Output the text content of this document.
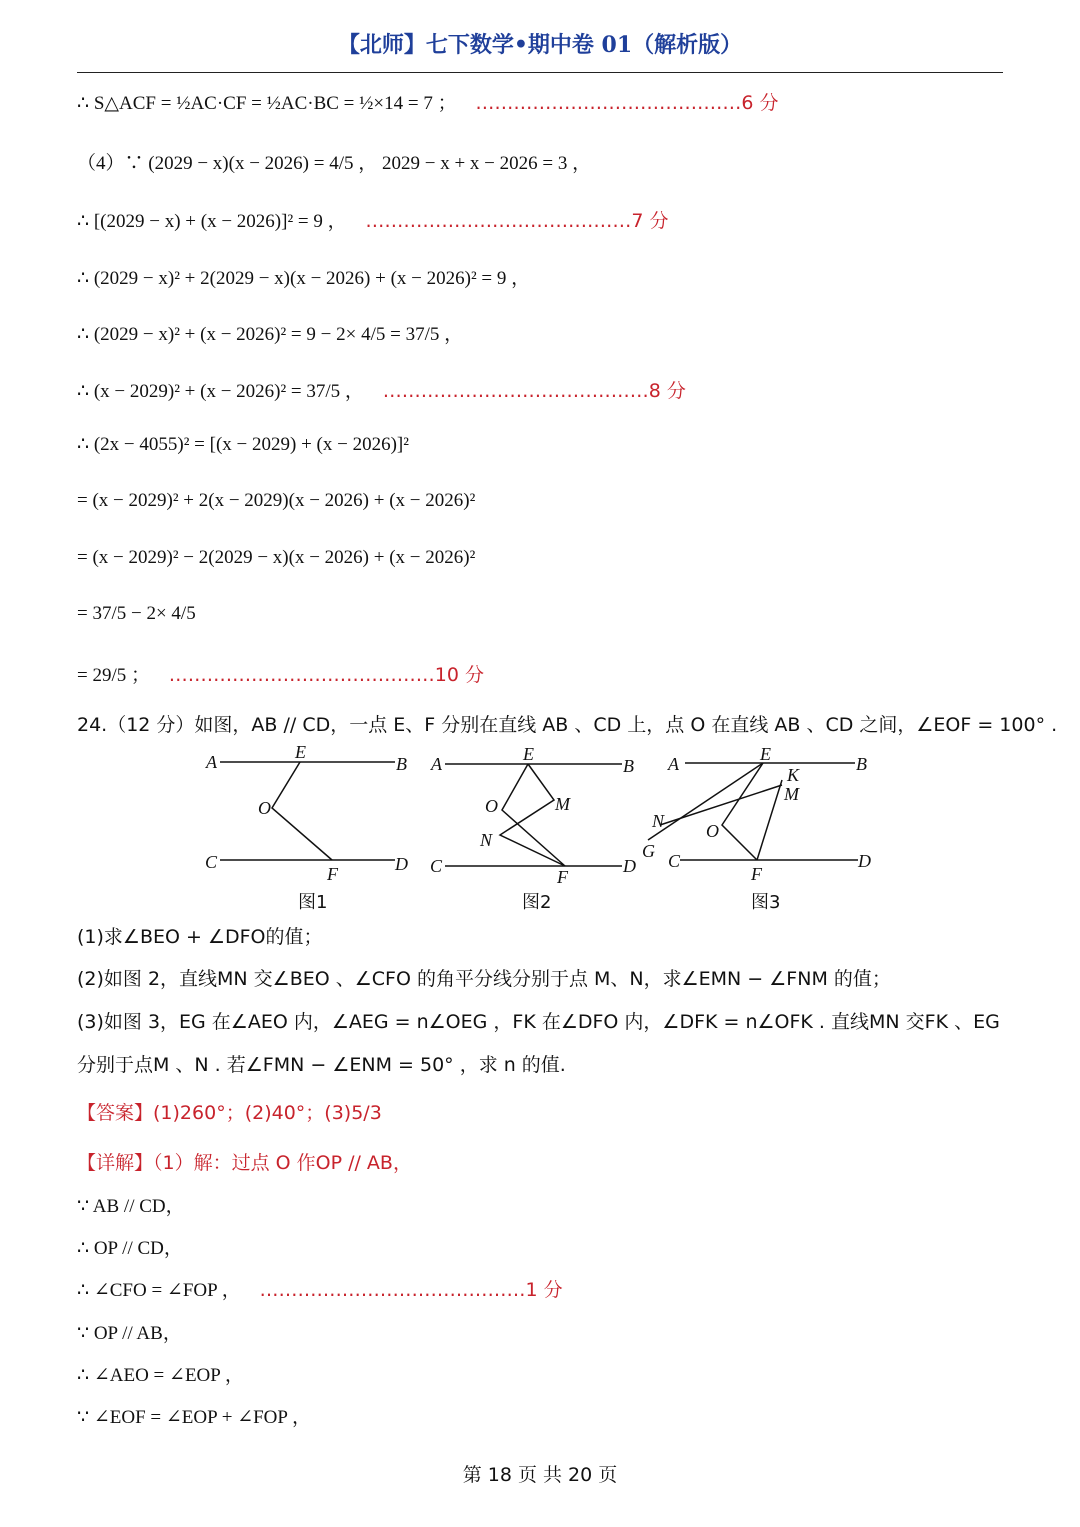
【北师】七下数学•期中卷 01（解析版）
∴ S△ACF = ½AC·CF = ½AC·BC = ½×14 = 7 ； ……………………………………6 分
（4）∵ (2029 − x)(x − 2026) = 4/5 ， 2029 − x + x − 2026 = 3 ，
∴ [(2029 − x) + (x − 2026)]² = 9 ， ……………………………………7 分
∴ (2029 − x)² + 2(2029 − x)(x − 2026) + (x − 2026)² = 9 ，
∴ (2029 − x)² + (x − 2026)² = 9 − 2× 4/5 = 37/5 ，
∴ (x − 2029)² + (x − 2026)² = 37/5 ， ……………………………………8 分
∴ (2x − 4055)² = [(x − 2029) + (x − 2026)]²
= (x − 2029)² + 2(x − 2029)(x − 2026) + (x − 2026)²
= (x − 2029)² − 2(2029 − x)(x − 2026) + (x − 2026)²
= 37/5 − 2× 4/5
= 29/5 ； ……………………………………10 分
24.（12 分）如图，AB // CD，一点 E、F 分别在直线 AB 、CD 上，点 O 在直线 AB 、CD 之间，∠EOF = 100° .
A	E
B
O
C
F	D
A	E
B
O	M
N
C
F
D
A	E	B
K
M
N O
G C
F
D
图1	图2	图3
(1)求∠BEO + ∠DFO的值；
(2)如图 2，直线MN 交∠BEO 、∠CFO 的角平分线分别于点 M、N，求∠EMN − ∠FNM 的值；
(3)如图 3，EG 在∠AEO 内，∠AEG = n∠OEG ，FK 在∠DFO 内，∠DFK = n∠OFK . 直线MN 交FK 、EG
分别于点M 、N . 若∠FMN − ∠ENM = 50° ，求 n 的值.
【答案】(1)260°；(2)40°；(3)5/3
【详解】（1）解：过点 O 作OP // AB，
∵ AB // CD，
∴ OP // CD，
∴ ∠CFO = ∠FOP ， ……………………………………1 分
∵ OP // AB，
∴ ∠AEO = ∠EOP ，
∵ ∠EOF = ∠EOP + ∠FOP ，
第 18 页 共 20 页
